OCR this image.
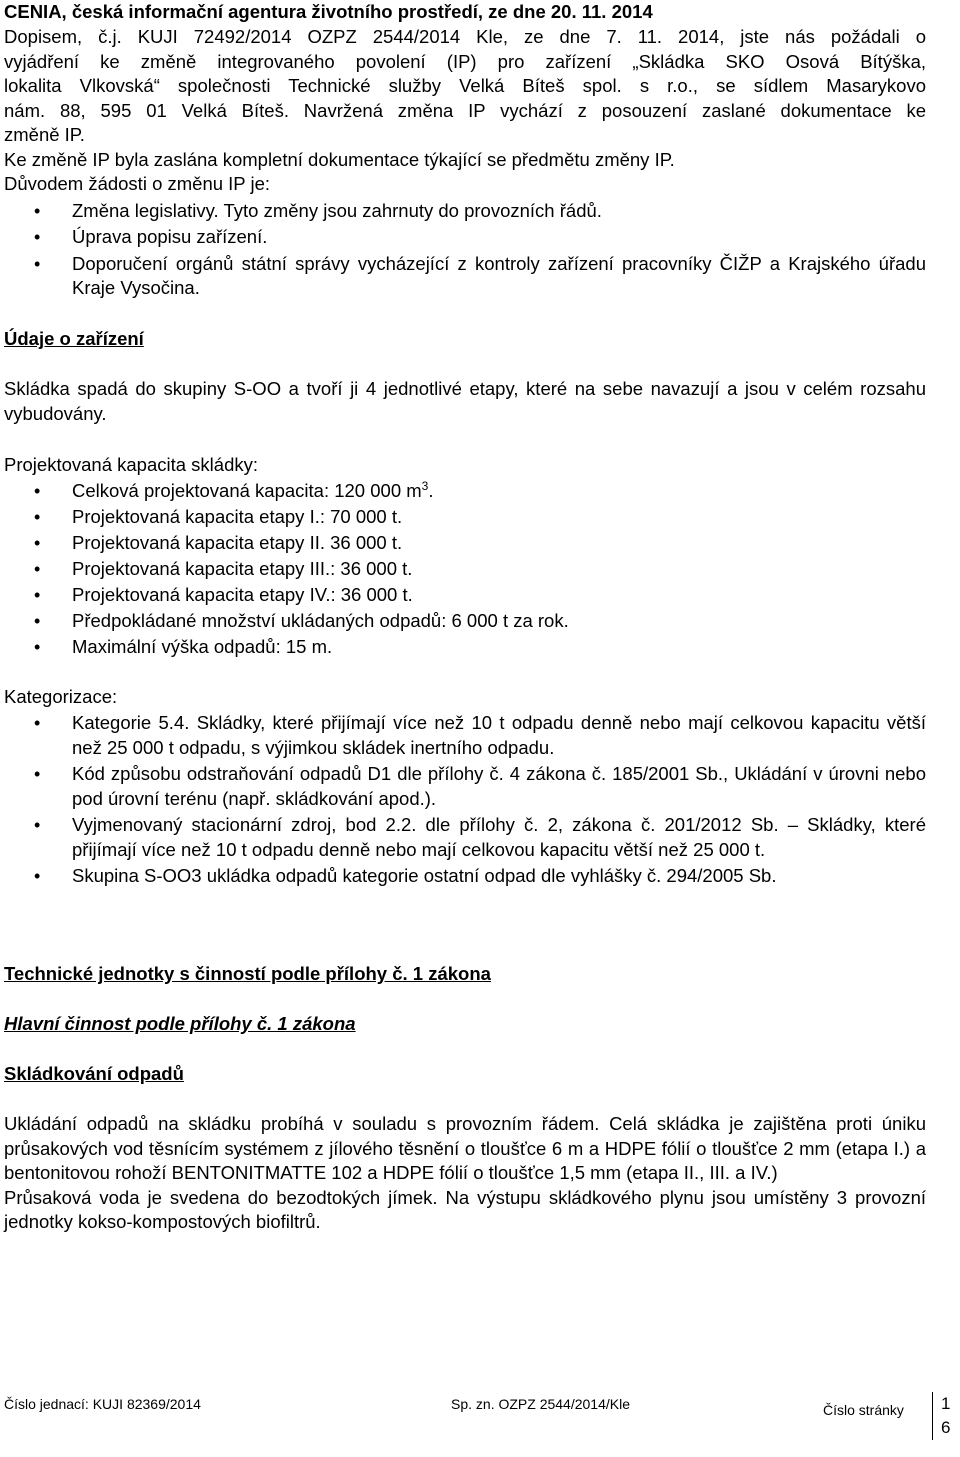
CENIA, česká informační agentura životního prostředí, ze dne 20. 11. 2014

Dopisem, č.j. KUJI 72492/2014 OZPZ 2544/2014 Kle, ze dne 7. 11. 2014, jste nás požádali o

vyjádření ke změně integrovaného povolení (IP) pro zařízení „Skládka SKO Osová Bítýška,

lokalita Vlkovská“ společnosti Technické služby Velká Bíteš spol. s r.o., se sídlem Masarykovo

nám. 88, 595 01 Velká Bíteš. Navržená změna IP vychází z posouzení zaslané dokumentace ke

změně IP.

Ke změně IP byla zaslána kompletní dokumentace týkající se předmětu změny IP.

Důvodem žádosti o změnu IP je:

• Změna legislativy. Tyto změny jsou zahrnuty do provozních řádů.
• Úprava popisu zařízení.
• Doporučení orgánů státní správy vycházející z kontroly zařízení pracovníky ČIŽP a Krajského úřadu Kraje Vysočina.

Údaje o zařízení

Skládka spadá do skupiny S-OO a tvoří ji 4 jednotlivé etapy, které na sebe navazují a jsou v celém rozsahu vybudovány.

Projektovaná kapacita skládky:

• Celková projektovaná kapacita: 120 000 $m^3$.
• Projektovaná kapacita etapy I.: 70 000 t.
• Projektovaná kapacita etapy II. 36 000 t.
• Projektovaná kapacita etapy III.: 36 000 t.
• Projektovaná kapacita etapy IV.: 36 000 t.
• Předpokládané množství ukládaných odpadů: 6 000 t za rok.
• Maximální výška odpadů: 15 m.

Kategorizace:

• Kategorie 5.4. Skládky, které přijímají více než 10 t odpadu denně nebo mají celkovou kapacitu větší než 25 000 t odpadu, s výjimkou skládek inertního odpadu.
• Kód způsobu odstraňování odpadů D1 dle přílohy č. 4 zákona č. 185/2001 Sb., Ukládání v úrovni nebo pod úrovní terénu (např. skládkování apod.).
• Vyjmenovaný stacionární zdroj, bod 2.2. dle přílohy č. 2, zákona č. 201/2012 Sb. – Skládky, které přijímají více než 10 t odpadu denně nebo mají celkovou kapacitu větší než 25 000 t.
• Skupina S-OO3 ukládka odpadů kategorie ostatní odpad dle vyhlášky č. 294/2005 Sb.

Technické jednotky s činností podle přílohy č. 1 zákona

Hlavní činnost podle přílohy č. 1 zákona

Skládkování odpadů

Ukládání odpadů na skládku probíhá v souladu s provozním řádem. Celá skládka je zajištěna proti úniku průsakových vod těsnícím systémem z jílového těsnění o tloušťce 6 m a HDPE fólií o tloušťce 2 mm (etapa I.) a bentonitovou rohoží BENTONITMATTE 102 a HDPE fólií o tloušťce 1,5 mm (etapa II., III. a IV.)

Průsaková voda je svedena do bezodtokých jímek. Na výstupu skládkového plynu jsou umístěny 3 provozní jednotky kokso-kompostových biofiltrů.

Číslo jednací: KUJI 82369/2014	Sp. zn. OZPZ 2544/2014/Kle	Číslo stránky 1
6
